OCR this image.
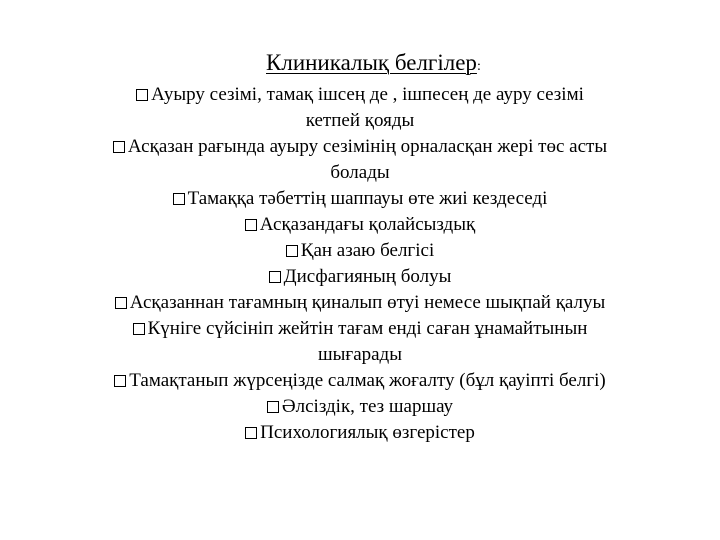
Клиникалық белгілер:
Ауыру сезімі, тамақ ішсең де , ішпесең де ауру сезімі кетпей қояды
Асқазан рағында ауыру сезімінің орналасқан жері төс асты болады
Тамаққа тәбеттің шаппауы өте жиі кездеседі
Асқазандағы қолайсыздық
Қан азаю белгісі
Дисфагияның болуы
Асқазаннан тағамның қиналып өтуі немесе шықпай қалуы
Күніге сүйсініп жейтін тағам енді саған ұнамайтынын шығарады
Тамақтанып жүрсеңізде салмақ жоғалту (бұл қауіпті белгі)
Әлсіздік, тез шаршау
Психологиялық өзгерістер
